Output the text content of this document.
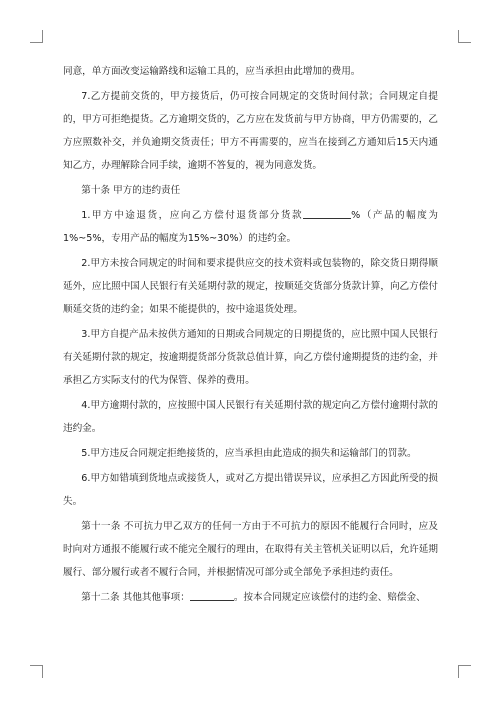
同意，单方面改变运输路线和运输工具的，应当承担由此增加的费用。

7.乙方提前交货的，甲方接货后，仍可按合同规定的交货时间付款；合同规定自提的，甲方可拒绝提货。乙方逾期交货的，乙方应在发货前与甲方协商，甲方仍需要的，乙方应照数补交，并负逾期交货责任；甲方不再需要的，应当在接到乙方通知后15天内通知乙方，办理解除合同手续，逾期不答复的，视为同意发货。

第十条 甲方的违约责任

1.甲方中途退货，应向乙方偿付退货部分货款	%（产品的幅度为1%~5%，专用产品的幅度为15%~30%）的违约金。

2.甲方未按合同规定的时间和要求提供应交的技术资料或包装物的，除交货日期得顺延外，应比照中国人民银行有关延期付款的规定，按顺延交货部分货款计算，向乙方偿付顺延交货的违约金；如果不能提供的，按中途退货处理。

3.甲方自提产品未按供方通知的日期或合同规定的日期提货的，应比照中国人民银行有关延期付款的规定，按逾期提货部分货款总值计算，向乙方偿付逾期提货的违约金，并承担乙方实际支付的代为保管、保养的费用。

4.甲方逾期付款的，应按照中国人民银行有关延期付款的规定向乙方偿付逾期付款的违约金。

5.甲方违反合同规定拒绝接货的，应当承担由此造成的损失和运输部门的罚款。

6.甲方如错填到货地点或接货人，或对乙方提出错误异议，应承担乙方因此所受的损失。

第十一条 不可抗力甲乙双方的任何一方由于不可抗力的原因不能履行合同时，应及时向对方通报不能履行或不能完全履行的理由，在取得有关主管机关证明以后，允许延期履行、部分履行或者不履行合同，并根据情况可部分或全部免予承担违约责任。

第十二条 其他其他事项：	。按本合同规定应该偿付的违约金、赔偿金、
